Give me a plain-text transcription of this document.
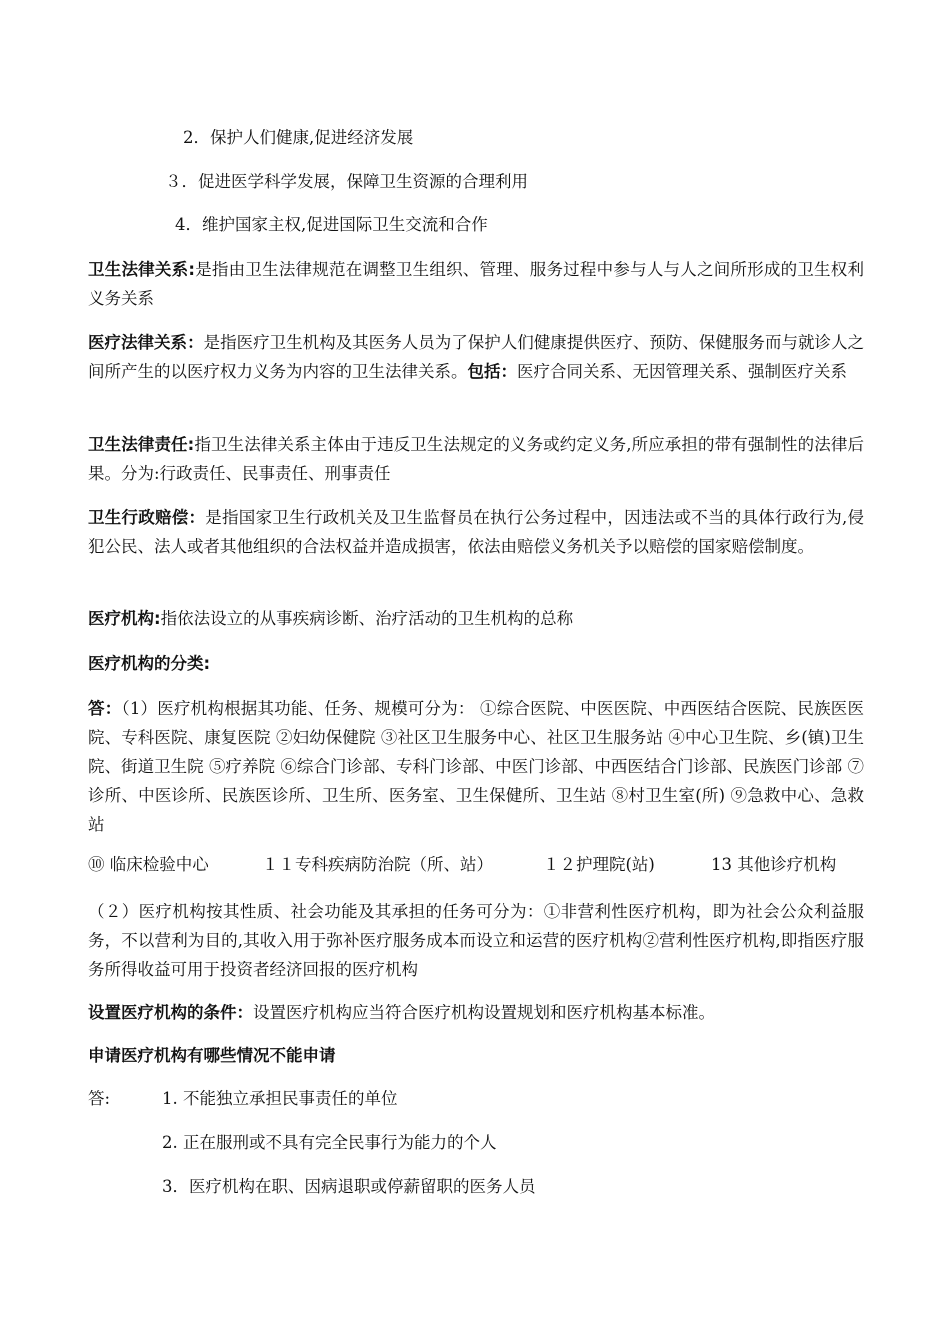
2．保护人们健康,促进经济发展
３．促进医学科学发展，保障卫生资源的合理利用
4．维护国家主权,促进国际卫生交流和合作
卫生法律关系:是指由卫生法律规范在调整卫生组织、管理、服务过程中参与人与人之间所形成的卫生权利义务关系
医疗法律关系：是指医疗卫生机构及其医务人员为了保护人们健康提供医疗、预防、保健服务而与就诊人之间所产生的以医疗权力义务为内容的卫生法律关系。包括：医疗合同关系、无因管理关系、强制医疗关系
卫生法律责任:指卫生法律关系主体由于违反卫生法规定的义务或约定义务,所应承担的带有强制性的法律后果。分为:行政责任、民事责任、刑事责任
卫生行政赔偿：是指国家卫生行政机关及卫生监督员在执行公务过程中，因违法或不当的具体行政行为,侵犯公民、法人或者其他组织的合法权益并造成损害，依法由赔偿义务机关予以赔偿的国家赔偿制度。
医疗机构:指依法设立的从事疾病诊断、治疗活动的卫生机构的总称
医疗机构的分类:
答：（1）医疗机构根据其功能、任务、规模可分为： ①综合医院、中医医院、中西医结合医院、民族医医院、专科医院、康复医院 ②妇幼保健院 ③社区卫生服务中心、社区卫生服务站 ④中心卫生院、乡(镇)卫生院、街道卫生院 ⑤疗养院 ⑥综合门诊部、专科门诊部、中医门诊部、中西医结合门诊部、民族医门诊部 ⑦诊所、中医诊所、民族医诊所、卫生所、医务室、卫生保健所、卫生站 ⑧村卫生室(所) ⑨急救中心、急救站
⑩ 临床检验中心	１１专科疾病防治院（所、站）	１２护理院(站)	13 其他诊疗机构
（２）医疗机构按其性质、社会功能及其承担的任务可分为：①非营利性医疗机构，即为社会公众利益服务，不以营利为目的,其收入用于弥补医疗服务成本而设立和运营的医疗机构②营利性医疗机构,即指医疗服务所得收益可用于投资者经济回报的医疗机构
设置医疗机构的条件：设置医疗机构应当符合医疗机构设置规划和医疗机构基本标准。
申请医疗机构有哪些情况不能申请
答:	1. 不能独立承担民事责任的单位
2. 正在服刑或不具有完全民事行为能力的个人
3．医疗机构在职、因病退职或停薪留职的医务人员
